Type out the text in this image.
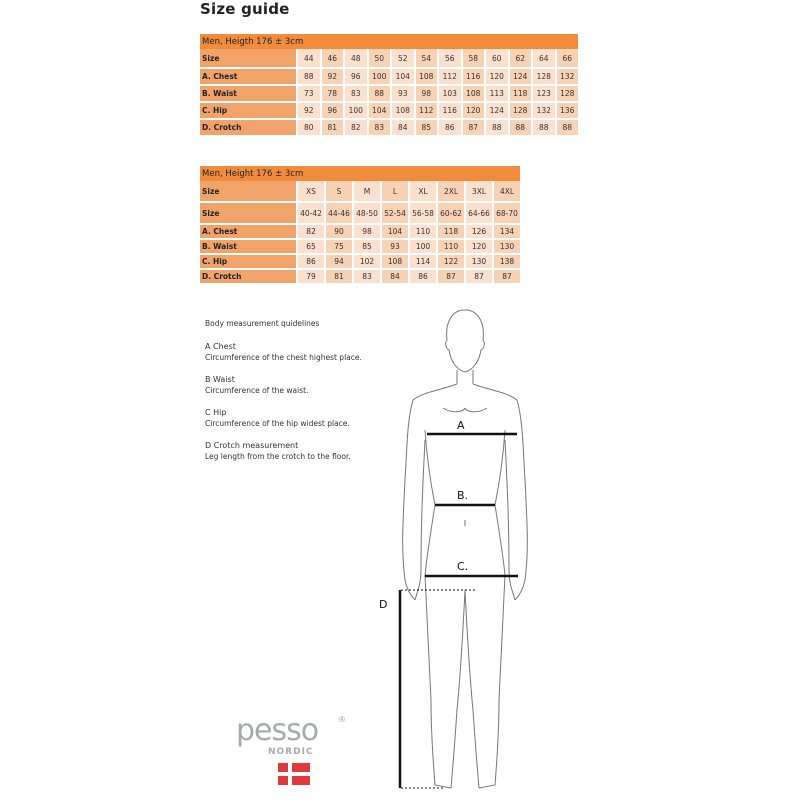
Size guide
Men, Heigth 176 ± 3cm												
Size	44	46	48	50	52	54	56	58	60	62	64	66

A. Chest	88	92	96	100	104	108	112	116	120	124	128	132

B. Waist	73	78	83	88	93	98	103	108	113	118	123	128

C. Hip	92	96	100	104	108	112	116	120	124	128	132	136

D. Crotch	80	81	82	83	84	85	86	87	88	88	88	88

Men, Height 176 ± 3cm								
Size	XS	S	M	L	XL	2XL	3XL	4XL

Size	40-42	44-46	48-50	52-54	56-58	60-62	64-66	68-70

A. Chest	82	90	98	104	110	118	126	134

B. Waist	65	75	85	93	100	110	120	130

C. Hip	86	94	102	108	114	122	130	138

D. Crotch	79	81	83	84	86	87	87	87

Body measurement quidelines
A Chest
Circumference of the chest highest place.
B Waist
Circumference of the waist.
C Hip
Circumference of the hip widest place.
D Crotch measurement
Leg length from the crotch to the floor.
A
B.
C.
D
pesso ®
NORDIC
